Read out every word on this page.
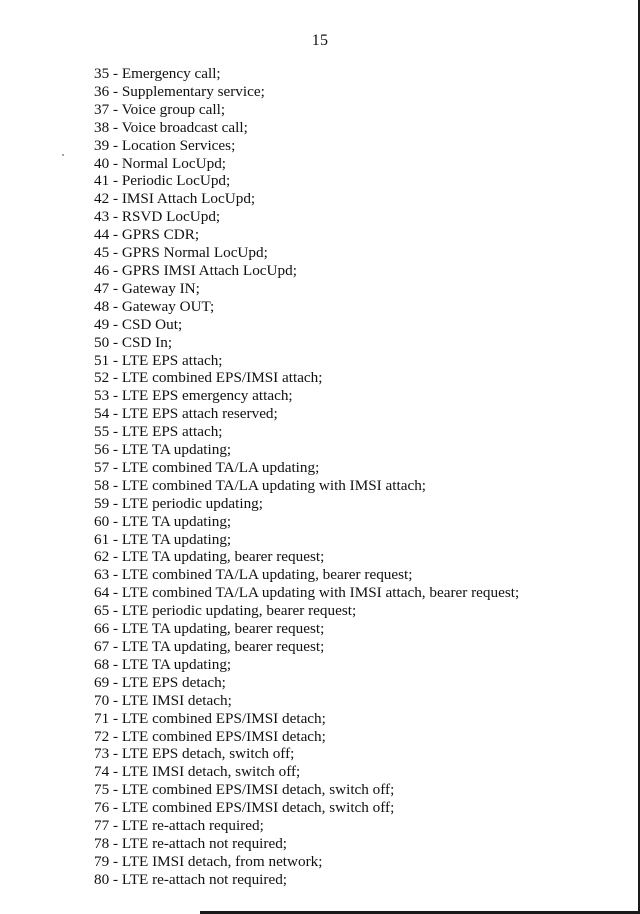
15
35 - Emergency call;
36 - Supplementary service;
37 - Voice group call;
38 - Voice broadcast call;
39 - Location Services;
40 - Normal LocUpd;
41 - Periodic LocUpd;
42 - IMSI Attach LocUpd;
43 - RSVD LocUpd;
44 - GPRS CDR;
45 - GPRS Normal LocUpd;
46 - GPRS IMSI Attach LocUpd;
47 - Gateway IN;
48 - Gateway OUT;
49 - CSD Out;
50 - CSD In;
51 - LTE EPS attach;
52 - LTE combined EPS/IMSI attach;
53 - LTE EPS emergency attach;
54 - LTE EPS attach reserved;
55 - LTE EPS attach;
56 - LTE TA updating;
57 - LTE combined TA/LA updating;
58 - LTE combined TA/LA updating with IMSI attach;
59 - LTE periodic updating;
60 - LTE TA updating;
61 - LTE TA updating;
62 - LTE TA updating, bearer request;
63 - LTE combined TA/LA updating, bearer request;
64 - LTE combined TA/LA updating with IMSI attach, bearer request;
65 - LTE periodic updating, bearer request;
66 - LTE TA updating, bearer request;
67 - LTE TA updating, bearer request;
68 - LTE TA updating;
69 - LTE EPS detach;
70 - LTE IMSI detach;
71 - LTE combined EPS/IMSI detach;
72 - LTE combined EPS/IMSI detach;
73 - LTE EPS detach, switch off;
74 - LTE IMSI detach, switch off;
75 - LTE combined EPS/IMSI detach, switch off;
76 - LTE combined EPS/IMSI detach, switch off;
77 - LTE re-attach required;
78 - LTE re-attach not required;
79 - LTE IMSI detach, from network;
80 - LTE re-attach not required;
